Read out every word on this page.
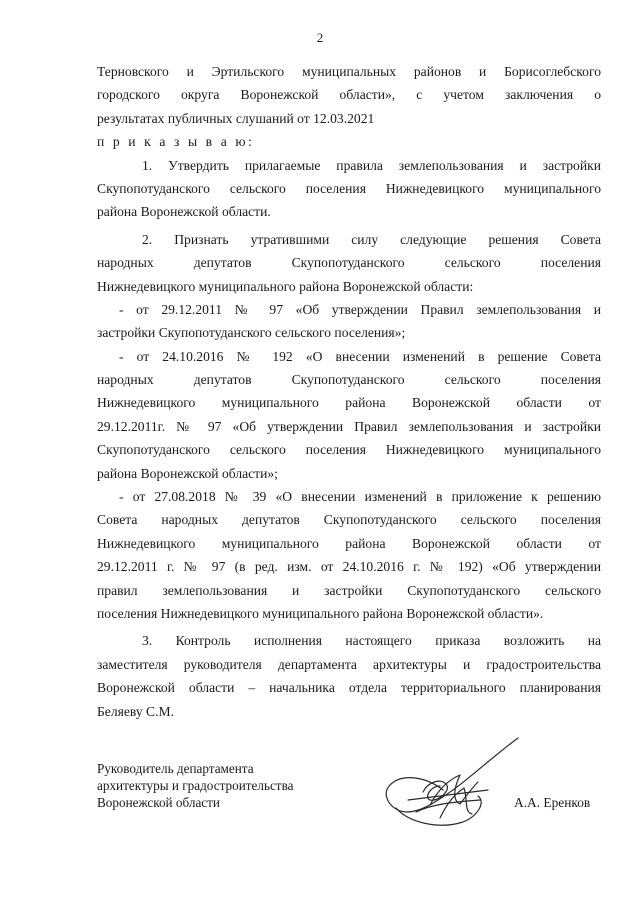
2
Терновского и Эртильского муниципальных районов и Борисоглебского
городского округа Воронежской области», с учетом заключения о
результатах публичных слушаний от 12.03.2021
п р и к а з ы в а ю:
1. Утвердить прилагаемые правила землепользования и застройки
Скупопотуданского сельского поселения Нижнедевицкого муниципального
района Воронежской области.
2. Признать утратившими силу следующие решения Совета
народных депутатов Скупопотуданского сельского поселения
Нижнедевицкого муниципального района Воронежской области:
- от 29.12.2011 № 97 «Об утверждении Правил землепользования и
застройки Скупопотуданского сельского поселения»;
- от 24.10.2016 № 192 «О внесении изменений в решение Совета
народных депутатов Скупопотуданского сельского поселения
Нижнедевицкого муниципального района Воронежской области от
29.12.2011г. № 97 «Об утверждении Правил землепользования и застройки
Скупопотуданского сельского поселения Нижнедевицкого муниципального
района Воронежской области»;
- от 27.08.2018 № 39 «О внесении изменений в приложение к решению
Совета народных депутатов Скупопотуданского сельского поселения
Нижнедевицкого муниципального района Воронежской области от
29.12.2011 г. № 97 (в ред. изм. от 24.10.2016 г. № 192) «Об утверждении
правил землепользования и застройки Скупопотуданского сельского
поселения Нижнедевицкого муниципального района Воронежской области».
3. Контроль исполнения настоящего приказа возложить на
заместителя руководителя департамента архитектуры и градостроительства
Воронежской области – начальника отдела территориального планирования
Беляеву С.М.
Руководитель департамента
архитектуры и градостроительства
Воронежской области	А.А. Еренков
